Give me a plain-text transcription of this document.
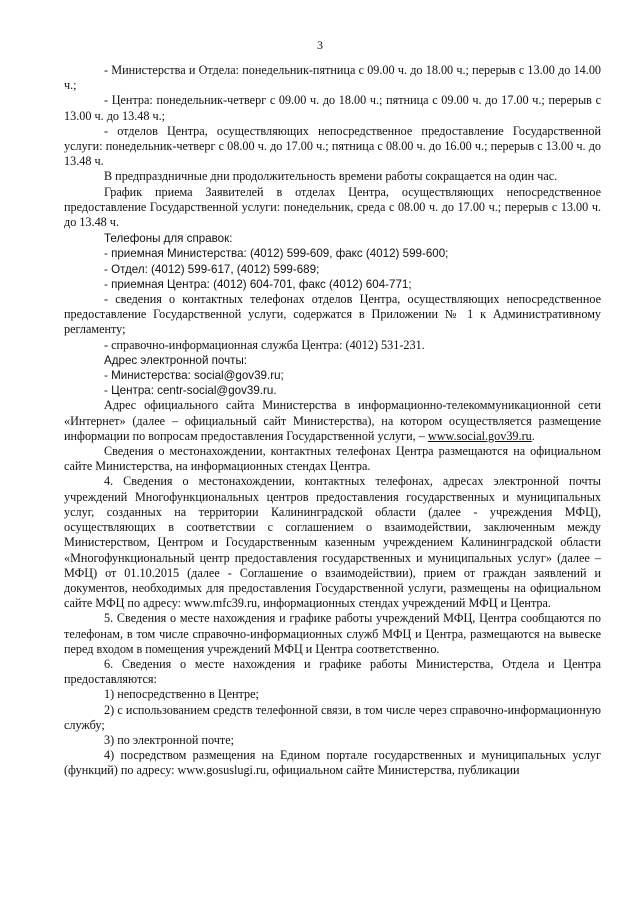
3

- Министерства и Отдела: понедельник-пятница с 09.00 ч. до 18.00 ч.; перерыв с 13.00 до 14.00 ч.;

- Центра: понедельник-четверг с 09.00 ч. до 18.00 ч.; пятница с 09.00 ч. до 17.00 ч.; перерыв с 13.00 ч. до 13.48 ч.;

- отделов Центра, осуществляющих непосредственное предоставление Государственной услуги: понедельник-четверг с 08.00 ч. до 17.00 ч.; пятница с 08.00 ч. до 16.00 ч.; перерыв с 13.00 ч. до 13.48 ч.

В предпраздничные дни продолжительность времени работы сокращается на один час.

График приема Заявителей в отделах Центра, осуществляющих непосредственное предоставление Государственной услуги: понедельник, среда с 08.00 ч. до 17.00 ч.; перерыв с 13.00 ч. до 13.48 ч.

Телефоны для справок:

- приемная Министерства: (4012) 599-609, факс (4012) 599-600;

- Отдел: (4012) 599-617, (4012) 599-689;

- приемная Центра: (4012) 604-701, факс (4012) 604-771;

- сведения о контактных телефонах отделов Центра, осуществляющих непосредственное предоставление Государственной услуги, содержатся в Приложении № 1 к Административному регламенту;

- справочно-информационная служба Центра: (4012) 531-231.

Адрес электронной почты:

- Министерства: social@gov39.ru;

- Центра: centr-social@gov39.ru.

Адрес официального сайта Министерства в информационно-телекоммуникационной сети «Интернет» (далее – официальный сайт Министерства), на котором осуществляется размещение информации по вопросам предоставления Государственной услуги, – www.social.gov39.ru.

Сведения о местонахождении, контактных телефонах Центра размещаются на официальном сайте Министерства, на информационных стендах Центра.

4. Сведения о местонахождении, контактных телефонах, адресах электронной почты учреждений Многофункциональных центров предоставления государственных и муниципальных услуг, созданных на территории Калининградской области (далее - учреждения МФЦ), осуществляющих в соответствии с соглашением о взаимодействии, заключенным между Министерством, Центром и Государственным казенным учреждением Калининградской области «Многофункциональный центр предоставления государственных и муниципальных услуг» (далее – МФЦ) от 01.10.2015 (далее - Соглашение о взаимодействии), прием от граждан заявлений и документов, необходимых для предоставления Государственной услуги, размещены на официальном сайте МФЦ по адресу: www.mfc39.ru, информационных стендах учреждений МФЦ и Центра.

5. Сведения о месте нахождения и графике работы учреждений МФЦ, Центра сообщаются по телефонам, в том числе справочно-информационных служб МФЦ и Центра, размещаются на вывеске перед входом в помещения учреждений МФЦ и Центра соответственно.

6. Сведения о месте нахождения и графике работы Министерства, Отдела и Центра предоставляются:

1) непосредственно в Центре;

2) с использованием средств телефонной связи, в том числе через справочно-информационную службу;

3) по электронной почте;

4) посредством размещения на Едином портале государственных и муниципальных услуг (функций) по адресу: www.gosuslugi.ru, официальном сайте Министерства, публикации
